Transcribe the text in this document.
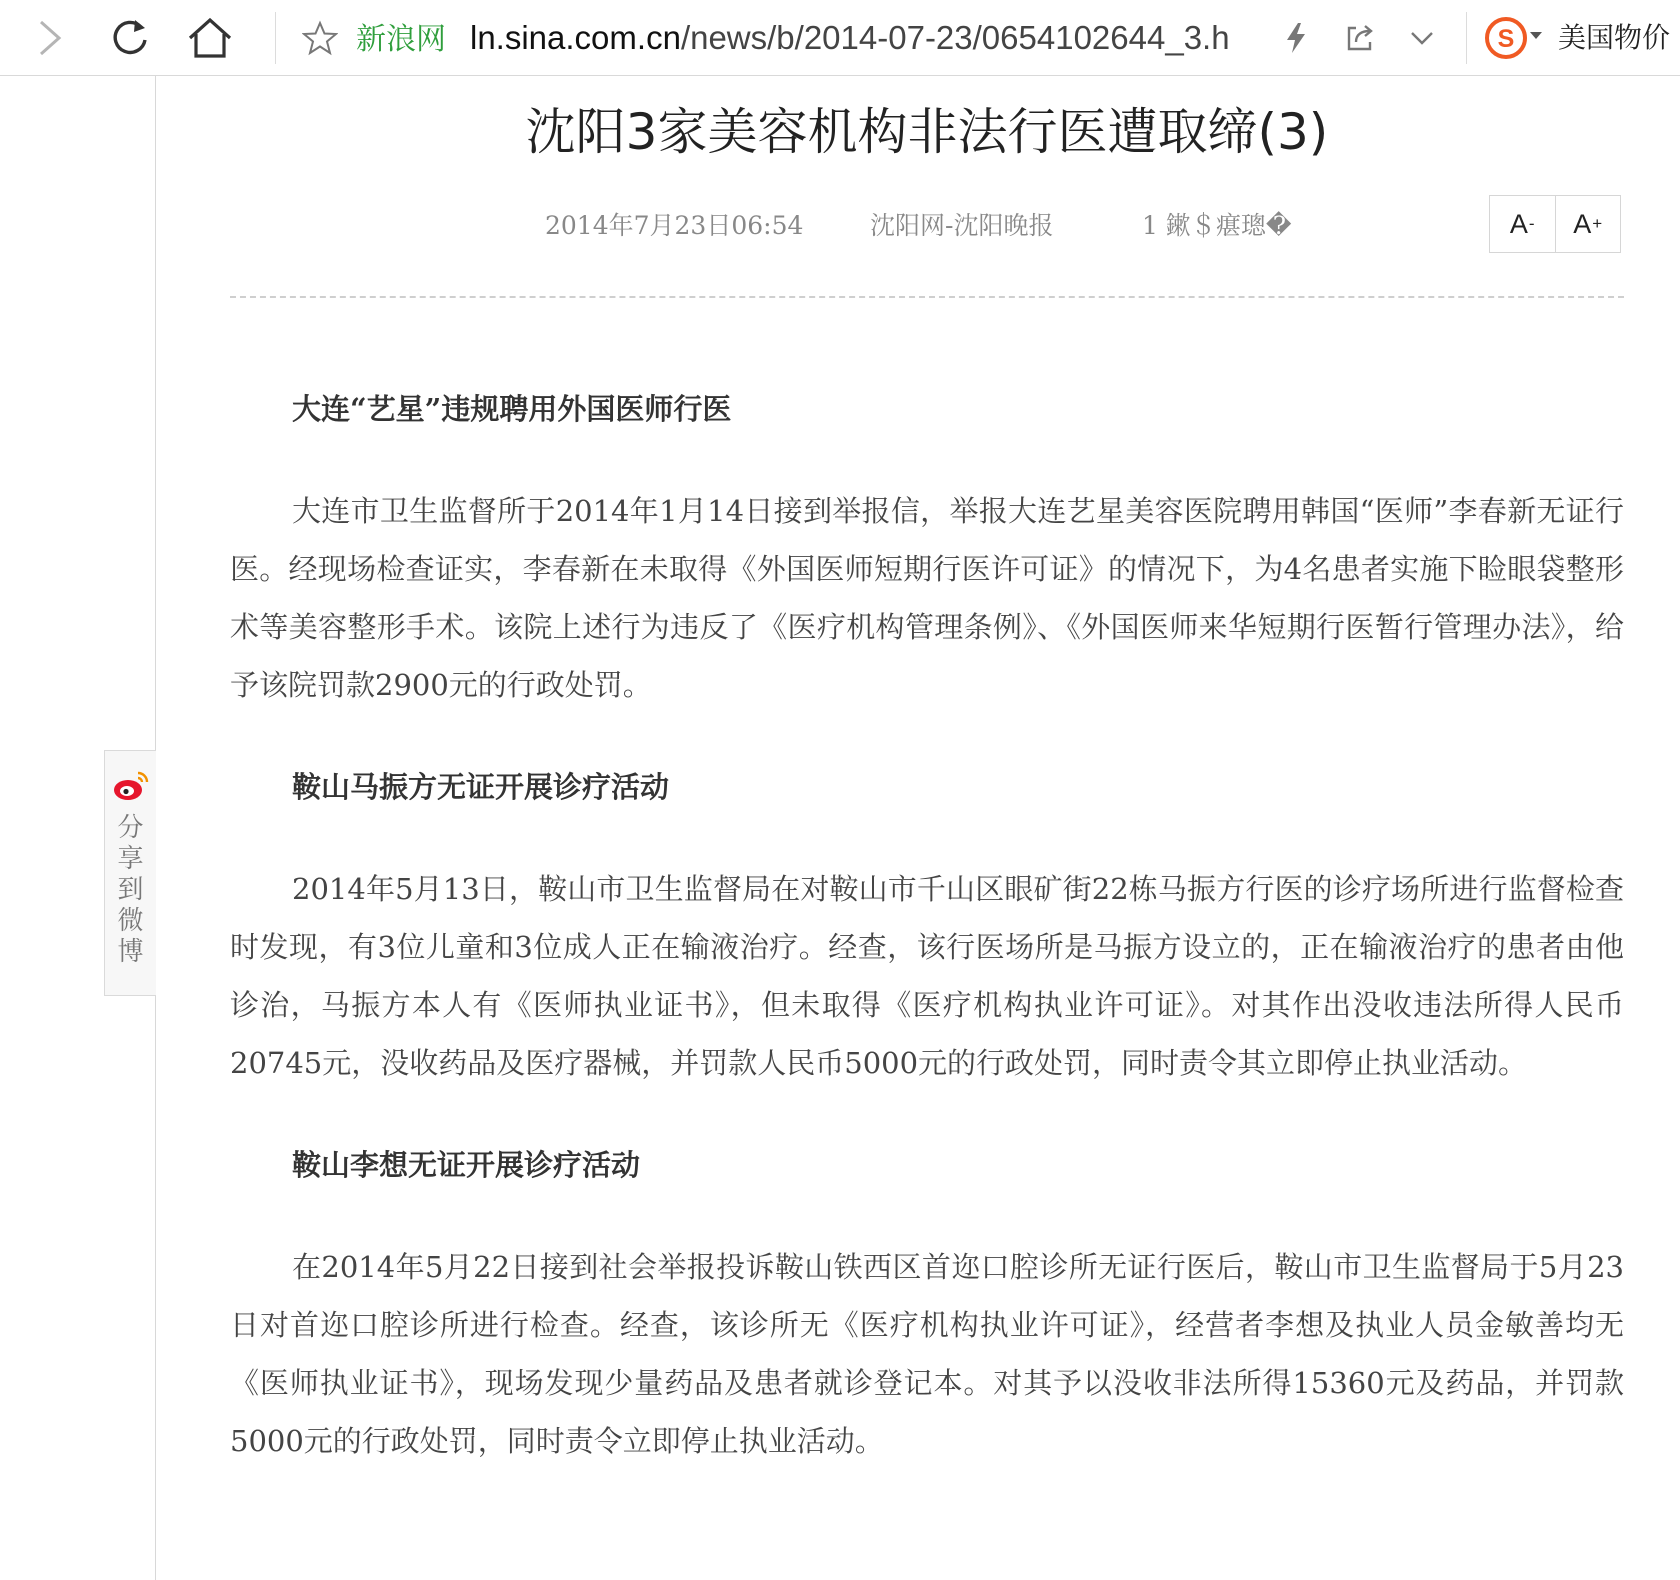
新浪网 ln.sina.com.cn/news/b/2014-07-23/0654102644_3.h	S 美国物价
分享到微博
沈阳3家美容机构非法行医遭取缔(3)
2014年7月23日06:54	沈阳网-沈阳晚报	1 鏉＄瘎璁�	A - A +

大连“艺星”违规聘用外国医师行医

大连市卫生监督所于2014年1月14日接到举报信，举报大连艺星美容医院聘用韩国“医师”李春新无证行医。经现场检查证实，李春新在未取得《外国医师短期行医许可证》的情况下，为4名患者实施下睑眼袋整形术等美容整形手术。该院上述行为违反了《医疗机构管理条例》、《外国医师来华短期行医暂行管理办法》，给予该院罚款2900元的行政处罚。

鞍山马振方无证开展诊疗活动

2014年5月13日，鞍山市卫生监督局在对鞍山市千山区眼矿街22栋马振方行医的诊疗场所进行监督检查时发现，有3位儿童和3位成人正在输液治疗。经查，该行医场所是马振方设立的，正在输液治疗的患者由他诊治，马振方本人有《医师执业证书》，但未取得《医疗机构执业许可证》。对其作出没收违法所得人民币20745元，没收药品及医疗器械，并罚款人民币5000元的行政处罚，同时责令其立即停止执业活动。

鞍山李想无证开展诊疗活动

在2014年5月22日接到社会举报投诉鞍山铁西区首迩口腔诊所无证行医后，鞍山市卫生监督局于5月23日对首迩口腔诊所进行检查。经查，该诊所无《医疗机构执业许可证》，经营者李想及执业人员金敏善均无《医师执业证书》，现场发现少量药品及患者就诊登记本。对其予以没收非法所得15360元及药品，并罚款5000元的行政处罚，同时责令立即停止执业活动。
